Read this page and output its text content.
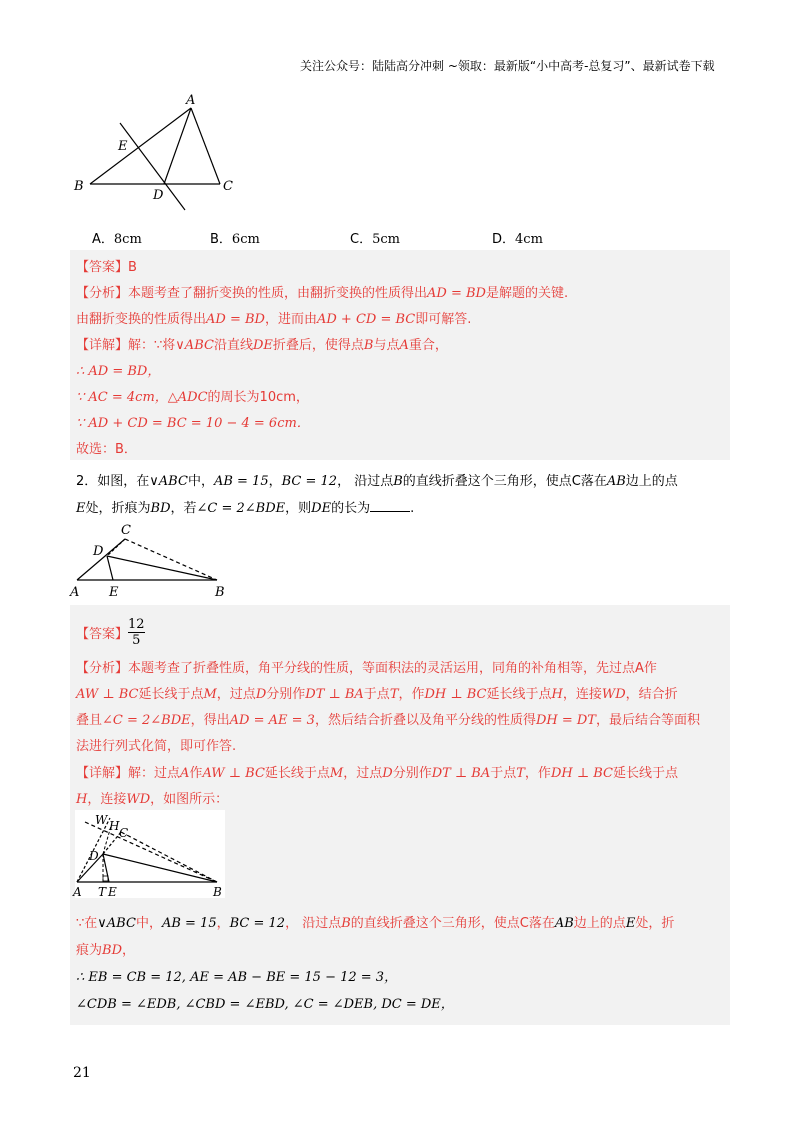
关注公众号：陆陆高分冲刺 ~领取：最新版“小中高考-总复习”、最新试卷下载
A
B	C
D
E
A．8cm	B．6cm	C．5cm	D．4cm
【答案】B
【分析】本题考查了翻折变换的性质，由翻折变换的性质得出AD = BD是解题的关键.
由翻折变换的性质得出AD = BD，进而由AD + CD = BC即可解答.
【详解】解：∵将∨ABC沿直线DE折叠后，使得点B与点A重合，
∴ AD = BD，
∵ AC = 4cm，△ADC的周长为10cm，
∵ AD + CD = BC = 10 − 4 = 6cm．
故选：B．
2．如图，在∨ABC中，AB = 15，BC = 12， 沿过点B的直线折叠这个三角形，使点C落在AB边上的点
E处，折痕为BD，若∠C = 2∠BDE，则DE的长为	.
C
D
A E	B
【答案】 $\frac{12}{5}$
【分析】本题考查了折叠性质，角平分线的性质，等面积法的灵活运用，同角的补角相等，先过点A作
AW ⊥ BC延长线于点M，过点D分别作DT ⊥ BA于点T，作DH ⊥ BC延长线于点H，连接WD，结合折
叠且∠C = 2∠BDE，得出AD = AE = 3，然后结合折叠以及角平分线的性质得DH = DT，最后结合等面积
法进行列式化简，即可作答.
【详解】解：过点A作AW ⊥ BC延长线于点M，过点D分别作DT ⊥ BA于点T，作DH ⊥ BC延长线于点
H，连接WD，如图所示：
W H C
D
A T E	B
∵在∨ABC中，AB = 15，BC = 12， 沿过点B的直线折叠这个三角形，使点C落在AB边上的点E处，折
痕为BD，
∴ EB = CB = 12, AE = AB − BE = 15 − 12 = 3，
∠CDB = ∠EDB, ∠CBD = ∠EBD, ∠C = ∠DEB, DC = DE，
21
